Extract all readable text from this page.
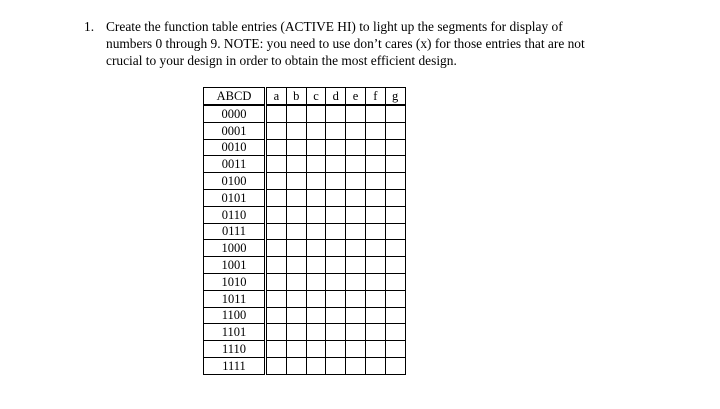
1. Create the function table entries (ACTIVE HI) to light up the segments for display of
numbers 0 through 9. NOTE: you need to use don’t cares (x) for those entries that are not
crucial to your design in order to obtain the most efficient design.
ABCD	a	b	c	d	e	f	g
0000							
0001							
0010							
0011							
0100							
0101							
0110							
0111							
1000							
1001							
1010							
1011							
1100							
1101							
1110							
1111							
